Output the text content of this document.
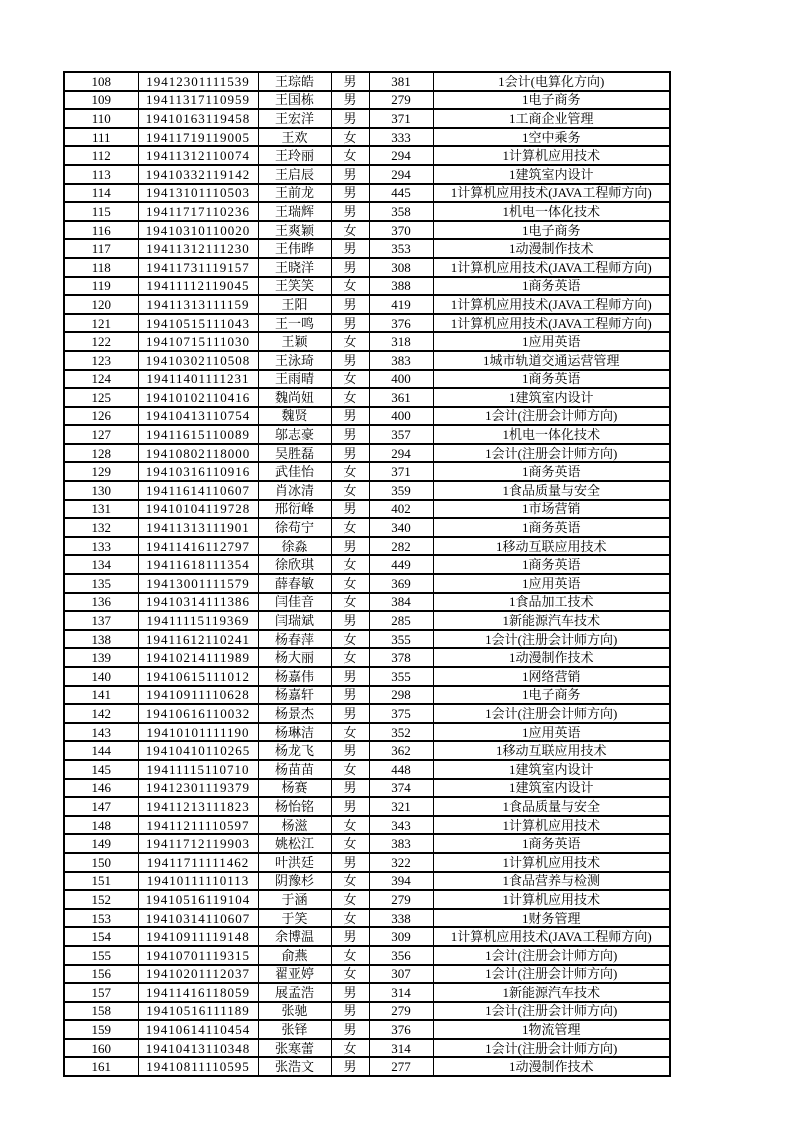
108	19412301111539	王琮皓	男	381	1会计(电算化方向)
109	19411317110959	王国栋	男	279	1电子商务
110	19410163119458	王宏洋	男	371	1工商企业管理
111	19411719119005	王欢	女	333	1空中乘务
112	19411312110074	王玲丽	女	294	1计算机应用技术
113	19410332119142	王启辰	男	294	1建筑室内设计
114	19413101110503	王前龙	男	445	1计算机应用技术(JAVA工程师方向)
115	19411717110236	王瑞辉	男	358	1机电一体化技术
116	19410310110020	王爽颖	女	370	1电子商务
117	19411312111230	王伟晔	男	353	1动漫制作技术
118	19411731119157	王晓洋	男	308	1计算机应用技术(JAVA工程师方向)
119	19411112119045	王笑笑	女	388	1商务英语
120	19411313111159	王阳	男	419	1计算机应用技术(JAVA工程师方向)
121	19410515111043	王一鸣	男	376	1计算机应用技术(JAVA工程师方向)
122	19410715111030	王颖	女	318	1应用英语
123	19410302110508	王泳琦	男	383	1城市轨道交通运营管理
124	19411401111231	王雨晴	女	400	1商务英语
125	19410102110416	魏尚妞	女	361	1建筑室内设计
126	19410413110754	魏贤	男	400	1会计(注册会计师方向)
127	19411615110089	邬志豪	男	357	1机电一体化技术
128	19410802118000	吴胜磊	男	294	1会计(注册会计师方向)
129	19410316110916	武佳怡	女	371	1商务英语
130	19411614110607	肖冰清	女	359	1食品质量与安全
131	19410104119728	邢衍峰	男	402	1市场营销
132	19411313111901	徐苟宁	女	340	1商务英语
133	19411416112797	徐淼	男	282	1移动互联应用技术
134	19411618111354	徐欣琪	女	449	1商务英语
135	19413001111579	薛春敏	女	369	1应用英语
136	19410314111386	闫佳音	女	384	1食品加工技术
137	19411115119369	闫瑞斌	男	285	1新能源汽车技术
138	19411612110241	杨春萍	女	355	1会计(注册会计师方向)
139	19410214111989	杨大丽	女	378	1动漫制作技术
140	19410615111012	杨嘉伟	男	355	1网络营销
141	19410911110628	杨嘉轩	男	298	1电子商务
142	19410616110032	杨景杰	男	375	1会计(注册会计师方向)
143	19410101111190	杨琳洁	女	352	1应用英语
144	19410410110265	杨龙飞	男	362	1移动互联应用技术
145	19411115110710	杨苗苗	女	448	1建筑室内设计
146	19412301119379	杨赛	男	374	1建筑室内设计
147	19411213111823	杨怡铭	男	321	1食品质量与安全
148	19411211110597	杨滋	女	343	1计算机应用技术
149	19411712119903	姚松江	女	383	1商务英语
150	19411711111462	叶洪廷	男	322	1计算机应用技术
151	19410111110113	阴豫杉	女	394	1食品营养与检测
152	19410516119104	于涵	女	279	1计算机应用技术
153	19410314110607	于笑	女	338	1财务管理
154	19410911119148	余博温	男	309	1计算机应用技术(JAVA工程师方向)
155	19410701119315	俞燕	女	356	1会计(注册会计师方向)
156	19410201112037	翟亚婷	女	307	1会计(注册会计师方向)
157	19411416118059	展孟浩	男	314	1新能源汽车技术
158	19410516111189	张驰	男	279	1会计(注册会计师方向)
159	19410614110454	张铎	男	376	1物流管理
160	19410413110348	张寒蕾	女	314	1会计(注册会计师方向)
161	19410811110595	张浩文	男	277	1动漫制作技术
